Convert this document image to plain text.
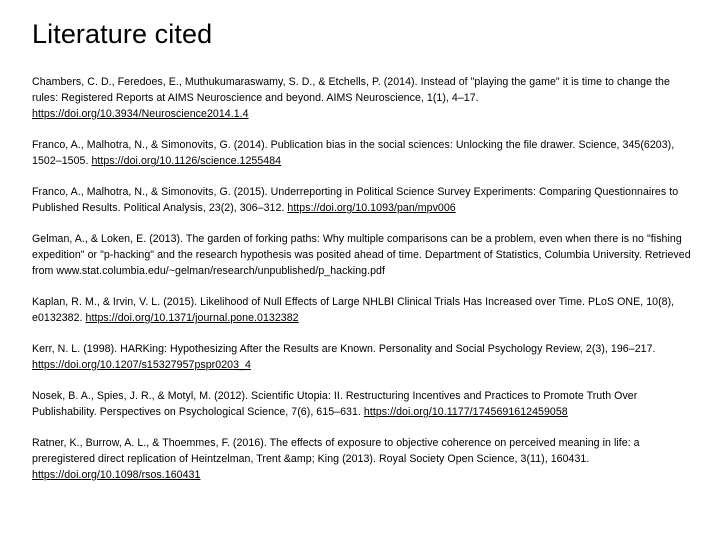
Literature cited
Chambers, C. D., Feredoes, E., Muthukumaraswamy, S. D., & Etchells, P. (2014). Instead of "playing the game" it is time to change the rules: Registered Reports at AIMS Neuroscience and beyond. AIMS Neuroscience, 1(1), 4–17. https://doi.org/10.3934/Neuroscience2014.1.4
Franco, A., Malhotra, N., & Simonovits, G. (2014). Publication bias in the social sciences: Unlocking the file drawer. Science, 345(6203), 1502–1505. https://doi.org/10.1126/science.1255484
Franco, A., Malhotra, N., & Simonovits, G. (2015). Underreporting in Political Science Survey Experiments: Comparing Questionnaires to Published Results. Political Analysis, 23(2), 306–312. https://doi.org/10.1093/pan/mpv006
Gelman, A., & Loken, E. (2013). The garden of forking paths: Why multiple comparisons can be a problem, even when there is no "fishing expedition" or "p-hacking" and the research hypothesis was posited ahead of time. Department of Statistics, Columbia University. Retrieved from www.stat.columbia.edu/~gelman/research/unpublished/p_hacking.pdf
Kaplan, R. M., & Irvin, V. L. (2015). Likelihood of Null Effects of Large NHLBI Clinical Trials Has Increased over Time. PLoS ONE, 10(8), e0132382. https://doi.org/10.1371/journal.pone.0132382
Kerr, N. L. (1998). HARKing: Hypothesizing After the Results are Known. Personality and Social Psychology Review, 2(3), 196–217. https://doi.org/10.1207/s15327957pspr0203_4
Nosek, B. A., Spies, J. R., & Motyl, M. (2012). Scientific Utopia: II. Restructuring Incentives and Practices to Promote Truth Over Publishability. Perspectives on Psychological Science, 7(6), 615–631. https://doi.org/10.1177/1745691612459058
Ratner, K., Burrow, A. L., & Thoemmes, F. (2016). The effects of exposure to objective coherence on perceived meaning in life: a preregistered direct replication of Heintzelman, Trent &amp; King (2013). Royal Society Open Science, 3(11), 160431. https://doi.org/10.1098/rsos.160431
